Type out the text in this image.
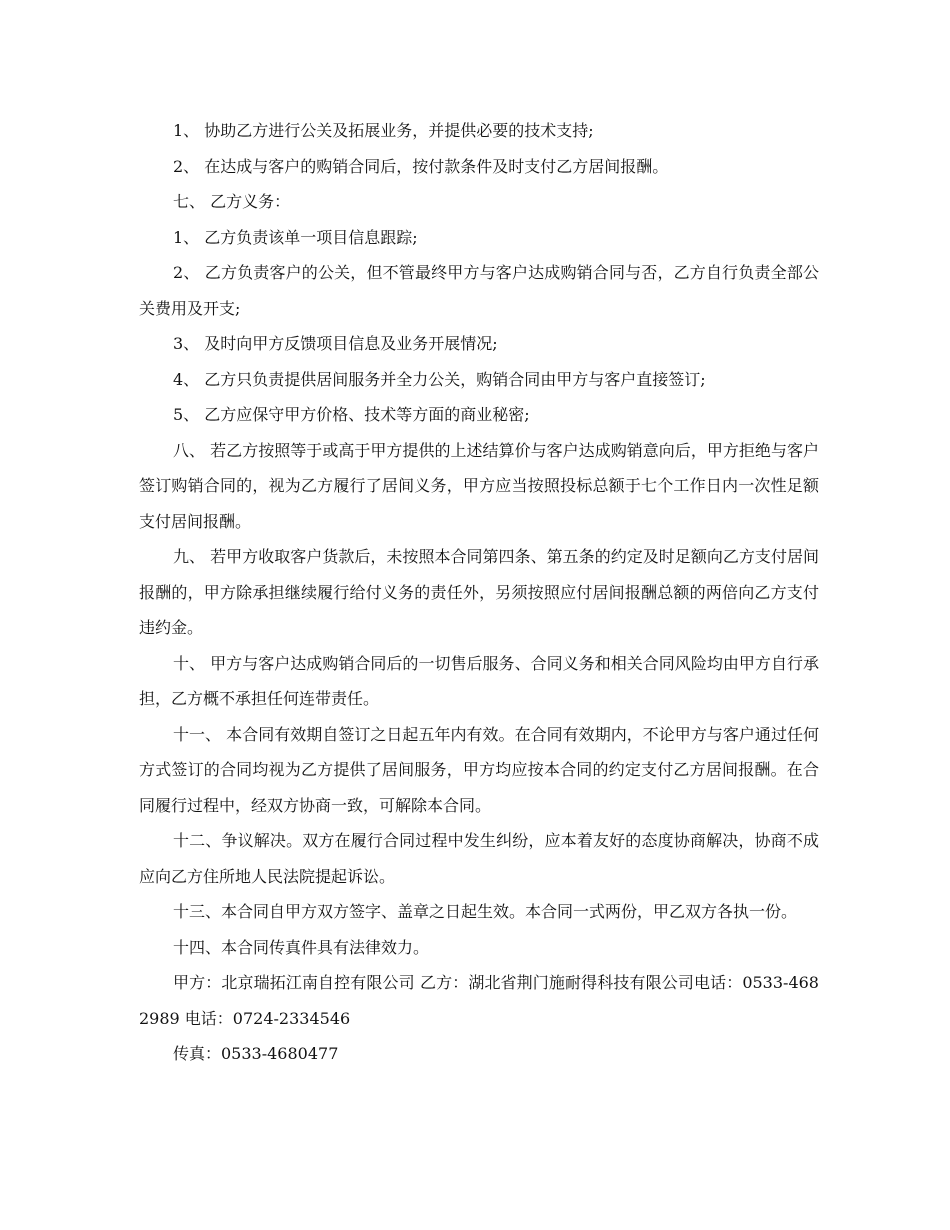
1、 协助乙方进行公关及拓展业务，并提供必要的技术支持;

2、 在达成与客户的购销合同后，按付款条件及时支付乙方居间报酬。

七、 乙方义务：

1、 乙方负责该单一项目信息跟踪;

2、 乙方负责客户的公关，但不管最终甲方与客户达成购销合同与否，乙方自行负责全部公关费用及开支;

3、 及时向甲方反馈项目信息及业务开展情况;

4、 乙方只负责提供居间服务并全力公关，购销合同由甲方与客户直接签订;

5、 乙方应保守甲方价格、技术等方面的商业秘密;

八、 若乙方按照等于或高于甲方提供的上述结算价与客户达成购销意向后，甲方拒绝与客户签订购销合同的，视为乙方履行了居间义务，甲方应当按照投标总额于七个工作日内一次性足额支付居间报酬。

九、 若甲方收取客户货款后，未按照本合同第四条、第五条的约定及时足额向乙方支付居间报酬的，甲方除承担继续履行给付义务的责任外，另须按照应付居间报酬总额的两倍向乙方支付违约金。

十、 甲方与客户达成购销合同后的一切售后服务、合同义务和相关合同风险均由甲方自行承担，乙方概不承担任何连带责任。

十一、 本合同有效期自签订之日起五年内有效。在合同有效期内，不论甲方与客户通过任何方式签订的合同均视为乙方提供了居间服务，甲方均应按本合同的约定支付乙方居间报酬。在合同履行过程中，经双方协商一致，可解除本合同。

十二、争议解决。双方在履行合同过程中发生纠纷，应本着友好的态度协商解决，协商不成应向乙方住所地人民法院提起诉讼。

十三、本合同自甲方双方签字、盖章之日起生效。本合同一式两份，甲乙双方各执一份。

十四、本合同传真件具有法律效力。

甲方：北京瑞拓江南自控有限公司 乙方：湖北省荆门施耐得科技有限公司电话：0533-4682989 电话：0724-2334546

传真：0533-4680477
